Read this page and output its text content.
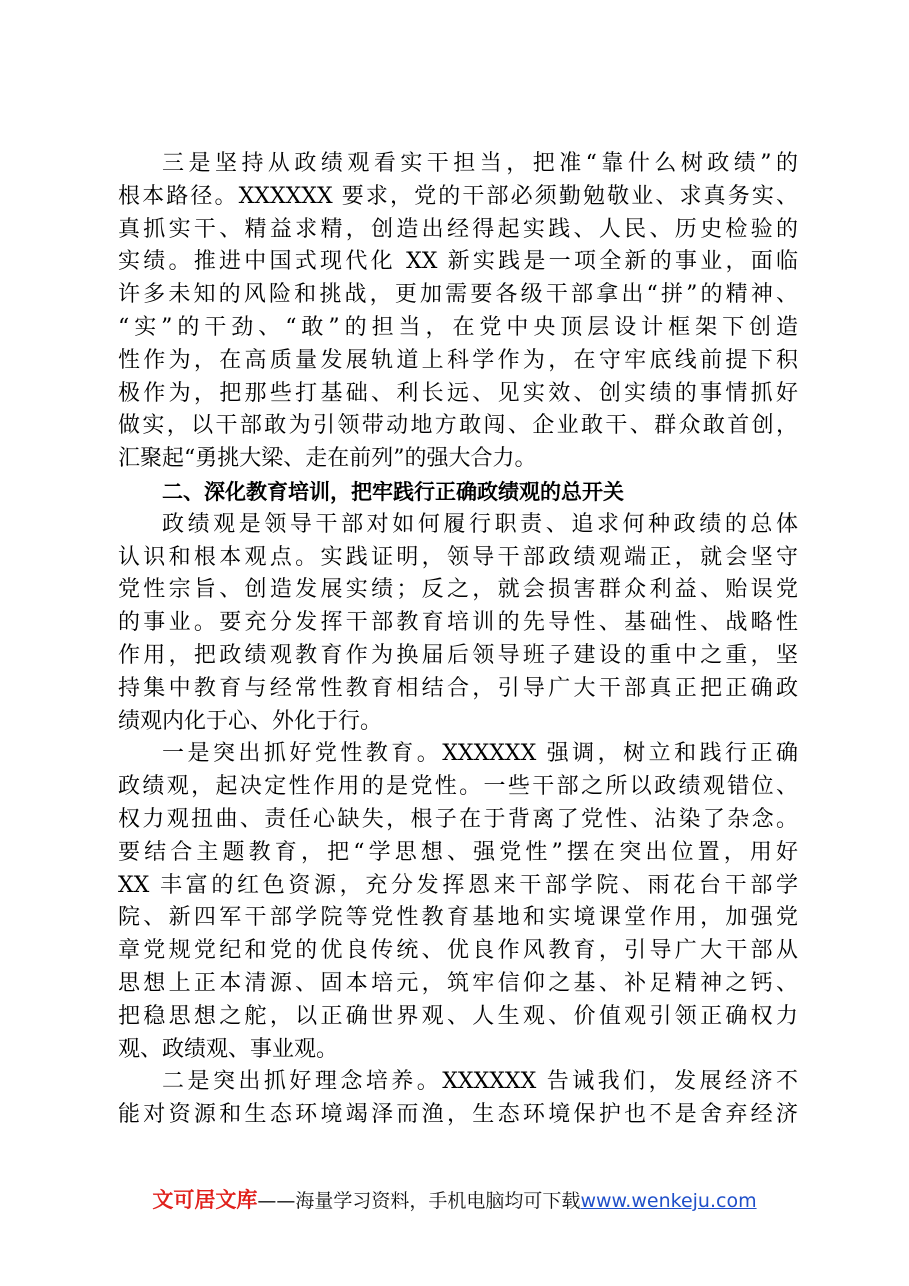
三是坚持从政绩观看实干担当，把准“靠什么树政绩”的
根本路径。XXXXXX 要求，党的干部必须勤勉敬业、求真务实、
真抓实干、精益求精，创造出经得起实践、人民、历史检验的
实绩。推进中国式现代化 XX 新实践是一项全新的事业，面临
许多未知的风险和挑战，更加需要各级干部拿出“拼”的精神、
“实”的干劲、“敢”的担当，在党中央顶层设计框架下创造
性作为，在高质量发展轨道上科学作为，在守牢底线前提下积
极作为，把那些打基础、利长远、见实效、创实绩的事情抓好
做实，以干部敢为引领带动地方敢闯、企业敢干、群众敢首创，
汇聚起“勇挑大梁、走在前列”的强大合力。
二、深化教育培训，把牢践行正确政绩观的总开关
政绩观是领导干部对如何履行职责、追求何种政绩的总体
认识和根本观点。实践证明，领导干部政绩观端正，就会坚守
党性宗旨、创造发展实绩；反之，就会损害群众利益、贻误党
的事业。要充分发挥干部教育培训的先导性、基础性、战略性
作用，把政绩观教育作为换届后领导班子建设的重中之重，坚
持集中教育与经常性教育相结合，引导广大干部真正把正确政
绩观内化于心、外化于行。
一是突出抓好党性教育。XXXXXX 强调，树立和践行正确
政绩观，起决定性作用的是党性。一些干部之所以政绩观错位、
权力观扭曲、责任心缺失，根子在于背离了党性、沾染了杂念。
要结合主题教育，把“学思想、强党性”摆在突出位置，用好
XX 丰富的红色资源，充分发挥恩来干部学院、雨花台干部学
院、新四军干部学院等党性教育基地和实境课堂作用，加强党
章党规党纪和党的优良传统、优良作风教育，引导广大干部从
思想上正本清源、固本培元，筑牢信仰之基、补足精神之钙、
把稳思想之舵，以正确世界观、人生观、价值观引领正确权力
观、政绩观、事业观。
二是突出抓好理念培养。XXXXXX 告诫我们，发展经济不
能对资源和生态环境竭泽而渔，生态环境保护也不是舍弃经济
文可居文库——海量学习资料，手机电脑均可下载www.wenkeju.com
